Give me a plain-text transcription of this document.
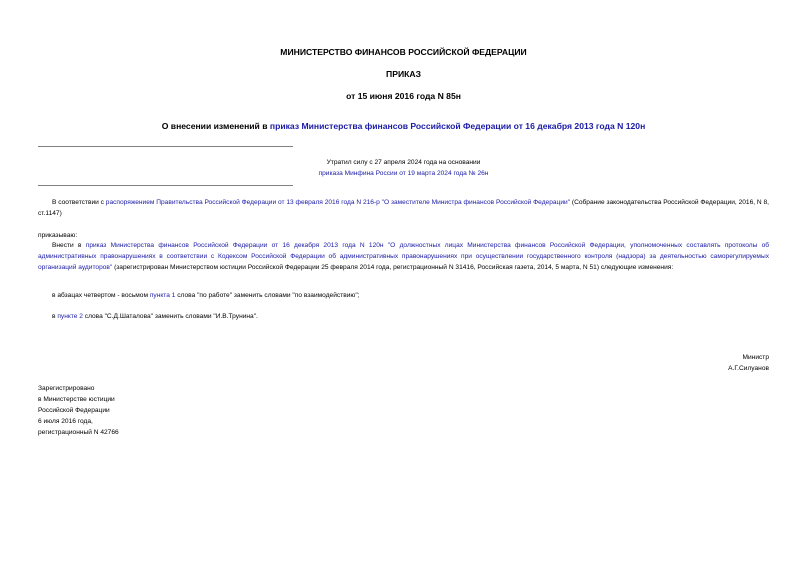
МИНИСТЕРСТВО ФИНАНСОВ РОССИЙСКОЙ ФЕДЕРАЦИИ
ПРИКАЗ
от 15 июня 2016 года N 85н
О внесении изменений в приказ Министерства финансов Российской Федерации от 16 декабря 2013 года N 120н
Утратил силу с 27 апреля 2024 года на основании
приказа Минфина России от 19 марта 2024 года № 26н
В соответствии с распоряжением Правительства Российской Федерации от 13 февраля 2016 года N 216-р "О заместителе Министра финансов Российской Федерации" (Собрание законодательства Российской Федерации, 2016, N 8, ст.1147)
приказываю:
Внести в приказ Министерства финансов Российской Федерации от 16 декабря 2013 года N 120н "О должностных лицах Министерства финансов Российской Федерации, уполномоченных составлять протоколы об административных правонарушениях в соответствии с Кодексом Российской Федерации об административных правонарушениях при осуществлении государственного контроля (надзора) за деятельностью саморегулируемых организаций аудиторов" (зарегистрирован Министерством юстиции Российской Федерации 25 февраля 2014 года, регистрационный N 31416, Российская газета, 2014, 5 марта, N 51) следующие изменения:
в абзацах четвертом - восьмом пункта 1 слова "по работе" заменить словами "по взаимодействию";
в пункте 2 слова "С.Д.Шаталова" заменить словами "И.В.Трунина".
Министр
А.Г.Силуанов
Зарегистрировано
в Министерстве юстиции
Российской Федерации
6 июля 2016 года,
регистрационный N 42766
